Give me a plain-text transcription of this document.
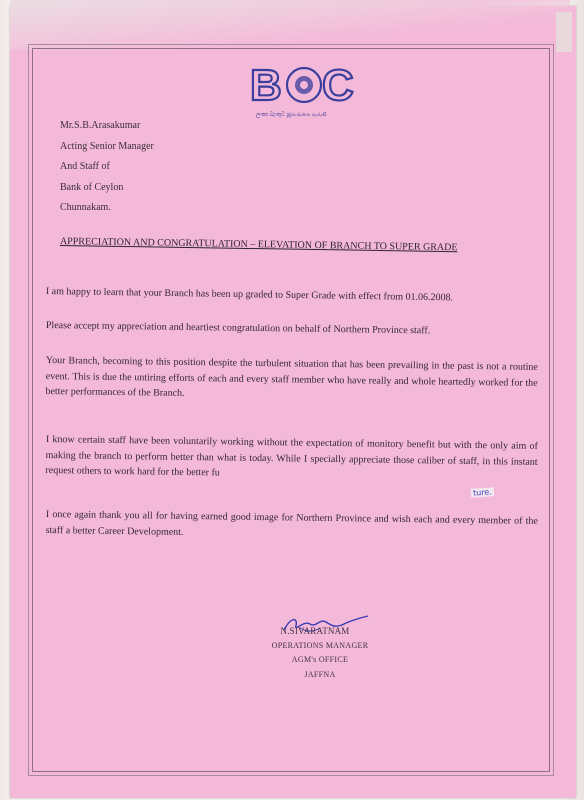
B C
ලංකා බැංකුව இலங்கை வங்கி
Mr.S.B.Arasakumar
Acting Senior Manager
And Staff of
Bank of Ceylon
Chunnakam.
APPRECIATION AND CONGRATULATION – ELEVATION OF BRANCH TO SUPER GRADE
I am happy to learn that your Branch has been up graded to Super Grade with effect from 01.06.2008.
Please accept my appreciation and heartiest congratulation on behalf of Northern Province staff.
Your Branch, becoming to this position despite the turbulent situation that has been prevailing in the past is not a routine event. This is due the untiring efforts of each and every staff member who have really and whole heartedly worked for the better performances of the Branch.
I know certain staff have been voluntarily working without the expectation of monitory benefit but with the only aim of making the branch to perform better than what is today. While I specially appreciate those caliber of staff, in this instant request others to work hard for the better fu
ture.
I once again thank you all for having earned good image for Northern Province and wish each and every member of the staff a better Career Development.
N.SIVARATNAM
OPERATIONS MANAGER
AGM's OFFICE
JAFFNA
